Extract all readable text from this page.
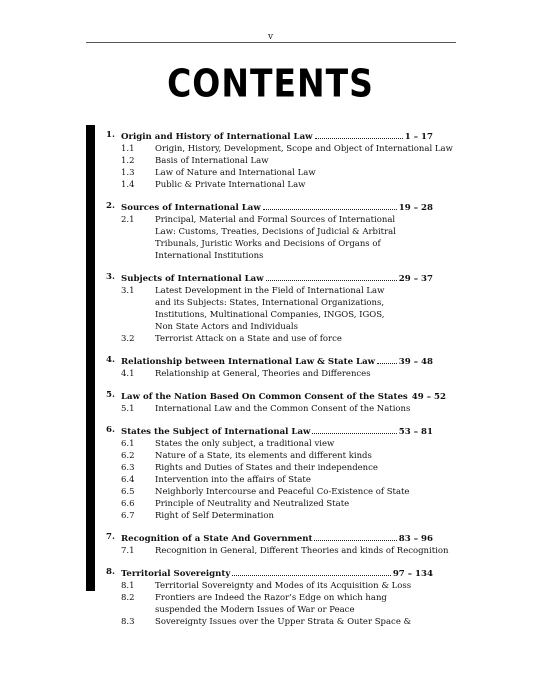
v
CONTENTS
1. Origin and History of International Law	1 – 17
1.1 Origin, History, Development, Scope and Object of International Law
1.2 Basis of International Law
1.3 Law of Nature and International Law
1.4 Public & Private International Law
2. Sources of International Law	19 – 28
2.1 Principal, Material and Formal Sources of International
Law: Customs, Treaties, Decisions of Judicial & Arbitral
Tribunals, Juristic Works and Decisions of Organs of
International Institutions
3. Subjects of International Law	29 – 37
3.1 Latest Development in the Field of International Law
and its Subjects: States, International Organizations,
Institutions, Multinational Companies, INGOS, IGOS,
Non State Actors and Individuals
3.2 Terrorist Attack on a State and use of force
4. Relationship between International Law & State Law	39 – 48
4.1 Relationship at General, Theories and Differences
5. Law of the Nation Based On Common Consent of the States 49 – 52
5.1 International Law and the Common Consent of the Nations
6. States the Subject of International Law	53 – 81
6.1 States the only subject, a traditional view
6.2 Nature of a State, its elements and different kinds
6.3 Rights and Duties of States and their independence
6.4 Intervention into the affairs of State
6.5 Neighborly Intercourse and Peaceful Co-Existence of State
6.6 Principle of Neutrality and Neutralized State
6.7 Right of Self Determination
7. Recognition of a State And Government	83 – 96
7.1 Recognition in General, Different Theories and kinds of Recognition
8. Territorial Sovereignty	97 – 134
8.1 Territorial Sovereignty and Modes of its Acquisition & Loss
8.2 Frontiers are Indeed the Razor’s Edge on which hang
suspended the Modern Issues of War or Peace
8.3 Sovereignty Issues over the Upper Strata & Outer Space &
